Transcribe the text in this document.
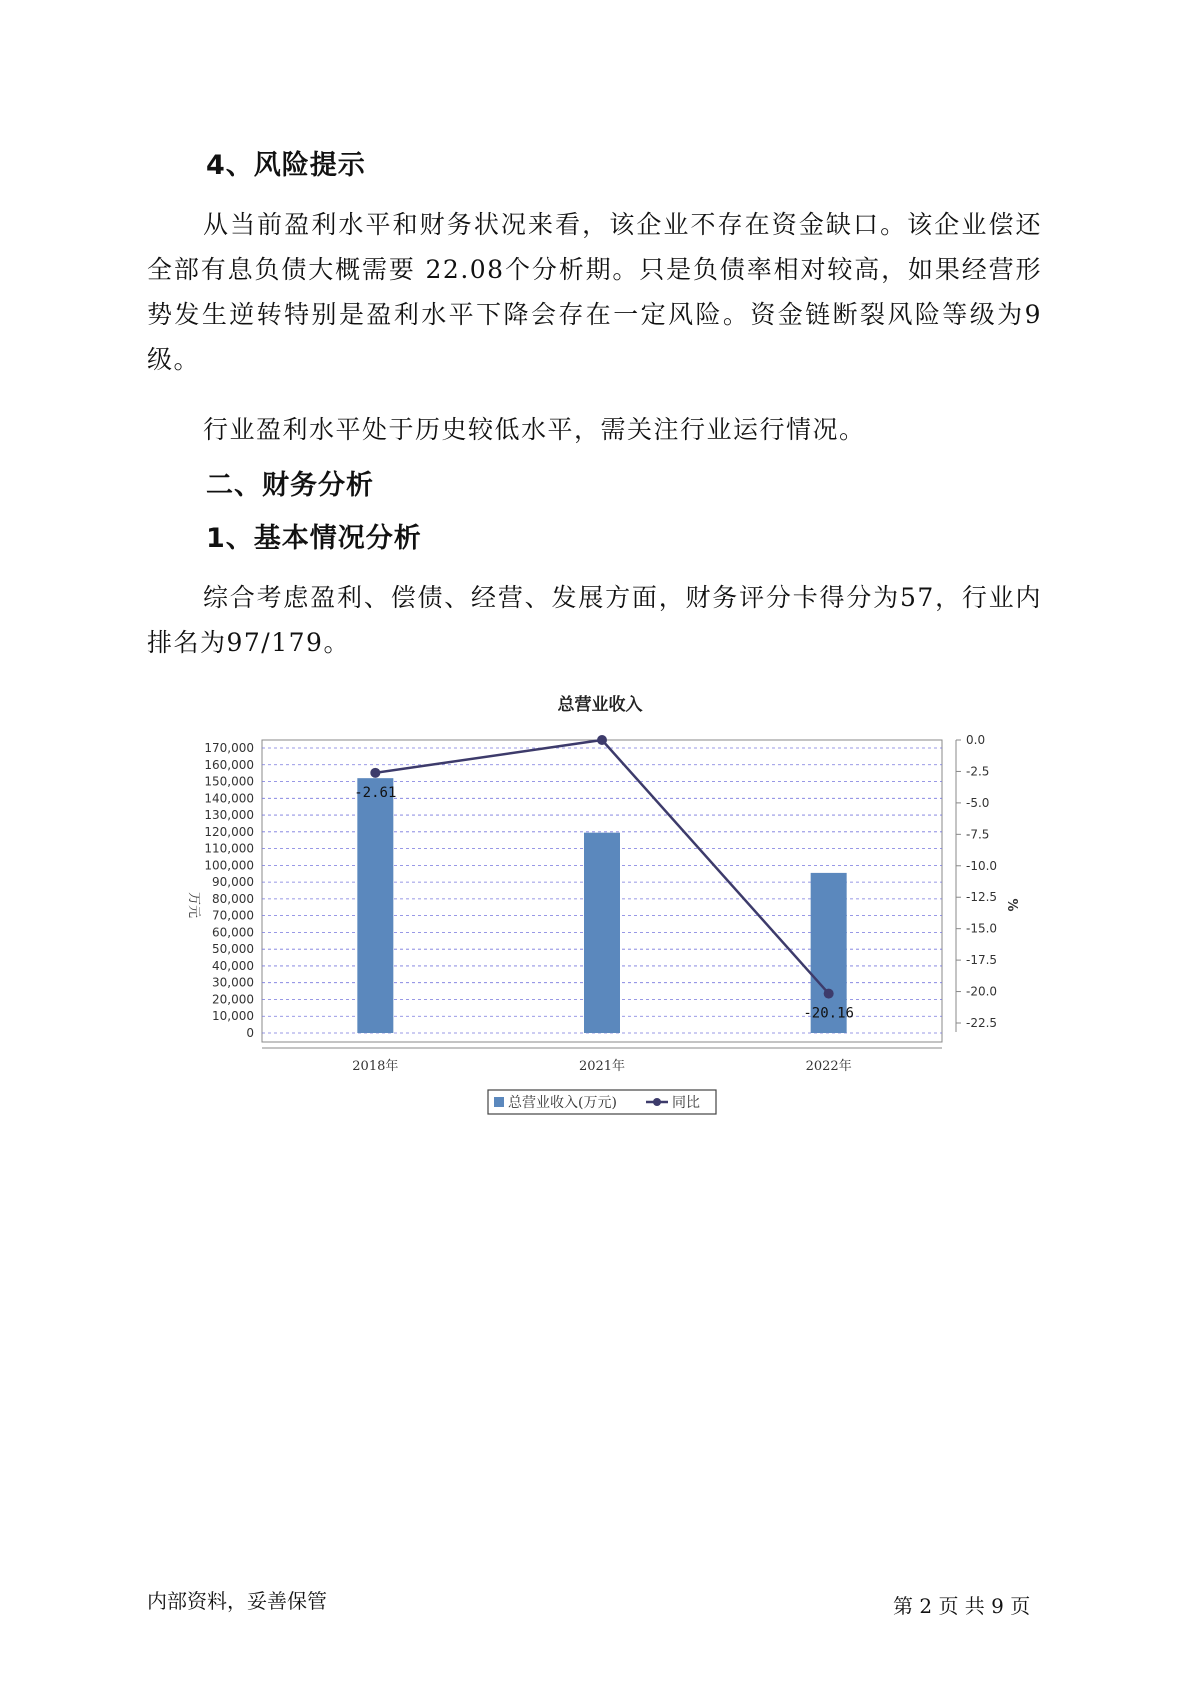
4、风险提示

从当前盈利水平和财务状况来看，该企业不存在资金缺口。该企业偿还全部有息负债大概需要 22.08个分析期。只是负债率相对较高，如果经营形势发生逆转特别是盈利水平下降会存在一定风险。资金链断裂风险等级为9级。

行业盈利水平处于历史较低水平，需关注行业运行情况。

二、财务分析
1、基本情况分析

综合考虑盈利、偿债、经营、发展方面，财务评分卡得分为57，行业内排名为97/179。

总营业收入
-2.61
-20.16
170,000
160,000
150,000
140,000
130,000
120,000
110,000
100,000
90,000
80,000
70,000
60,000
50,000
40,000
30,000
20,000
10,000
0
0.0
-2.5
-5.0
-7.5
-10.0
-12.5
-15.0
-17.5
-20.0
-22.5
2018年	2021年	2022年
万元	%
总营业收入(万元)	同比
内部资料，妥善保管	第 2 页 共 9 页
